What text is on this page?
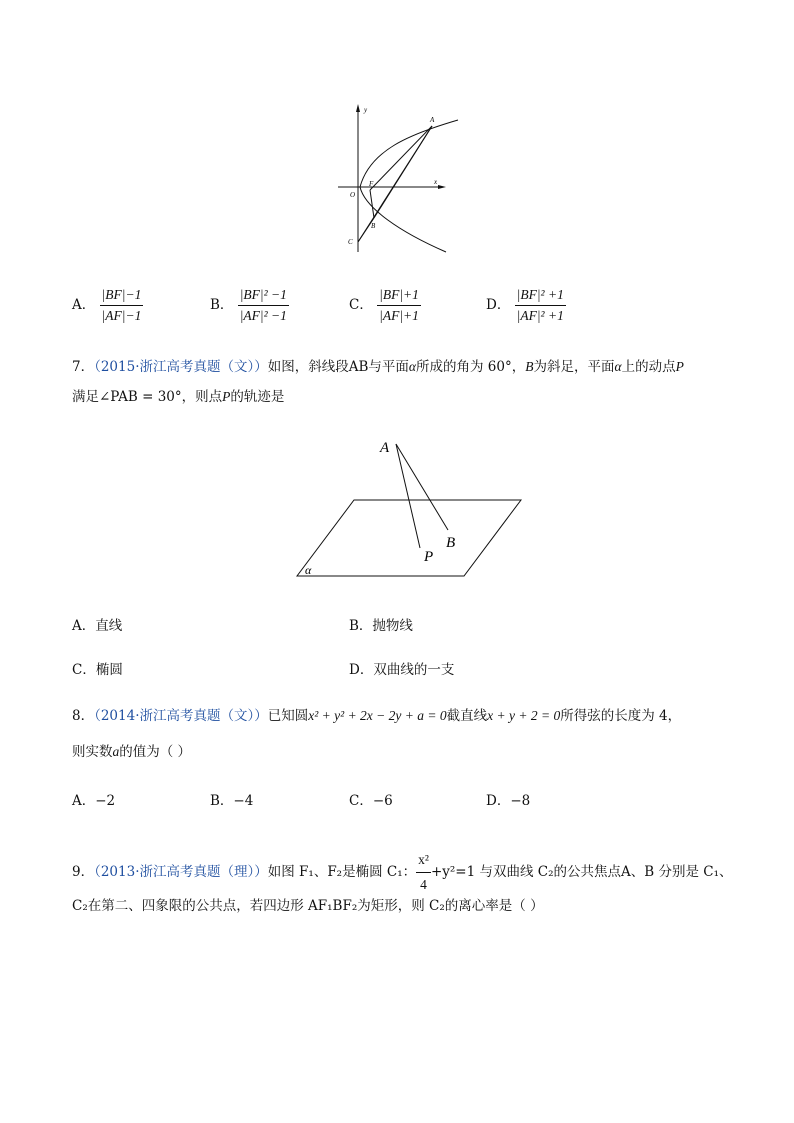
y
x
A
F
O
B
C
A． $\frac{|BF|-1}{|AF|-1}$	B． $\frac{\text{|BF|² −1}}{\text{|AF|² −1}}$	C． $\frac{|BF|+1}{|AF|+1}$	D． $\frac{\text{|BF|² +1}}{\text{|AF|² +1}}$
7．（2015·浙江高考真题（文））如图，斜线段AB与平面α所成的角为 60°，B为斜足，平面α上的动点P
满足∠PAB = 30°，则点P的轨迹是
A
B
P
α
A．直线	B．抛物线
C．椭圆	D．双曲线的一支
8．（2014·浙江高考真题（文））已知圆x² + y² + 2x − 2y + a = 0截直线x + y + 2 = 0所得弦的长度为 4，
则实数a的值为（ ）
A．−2	B．−4	C．−6	D．−8
9．（2013·浙江高考真题（理））如图 F₁、F₂是椭圆 C₁： $\frac{\text{x²}}{4} +y^2=1$ 与双曲线 C₂的公共焦点A、B 分别是 C₁、
C₂在第二、四象限的公共点，若四边形 AF₁BF₂为矩形，则 C₂的离心率是（ ）
